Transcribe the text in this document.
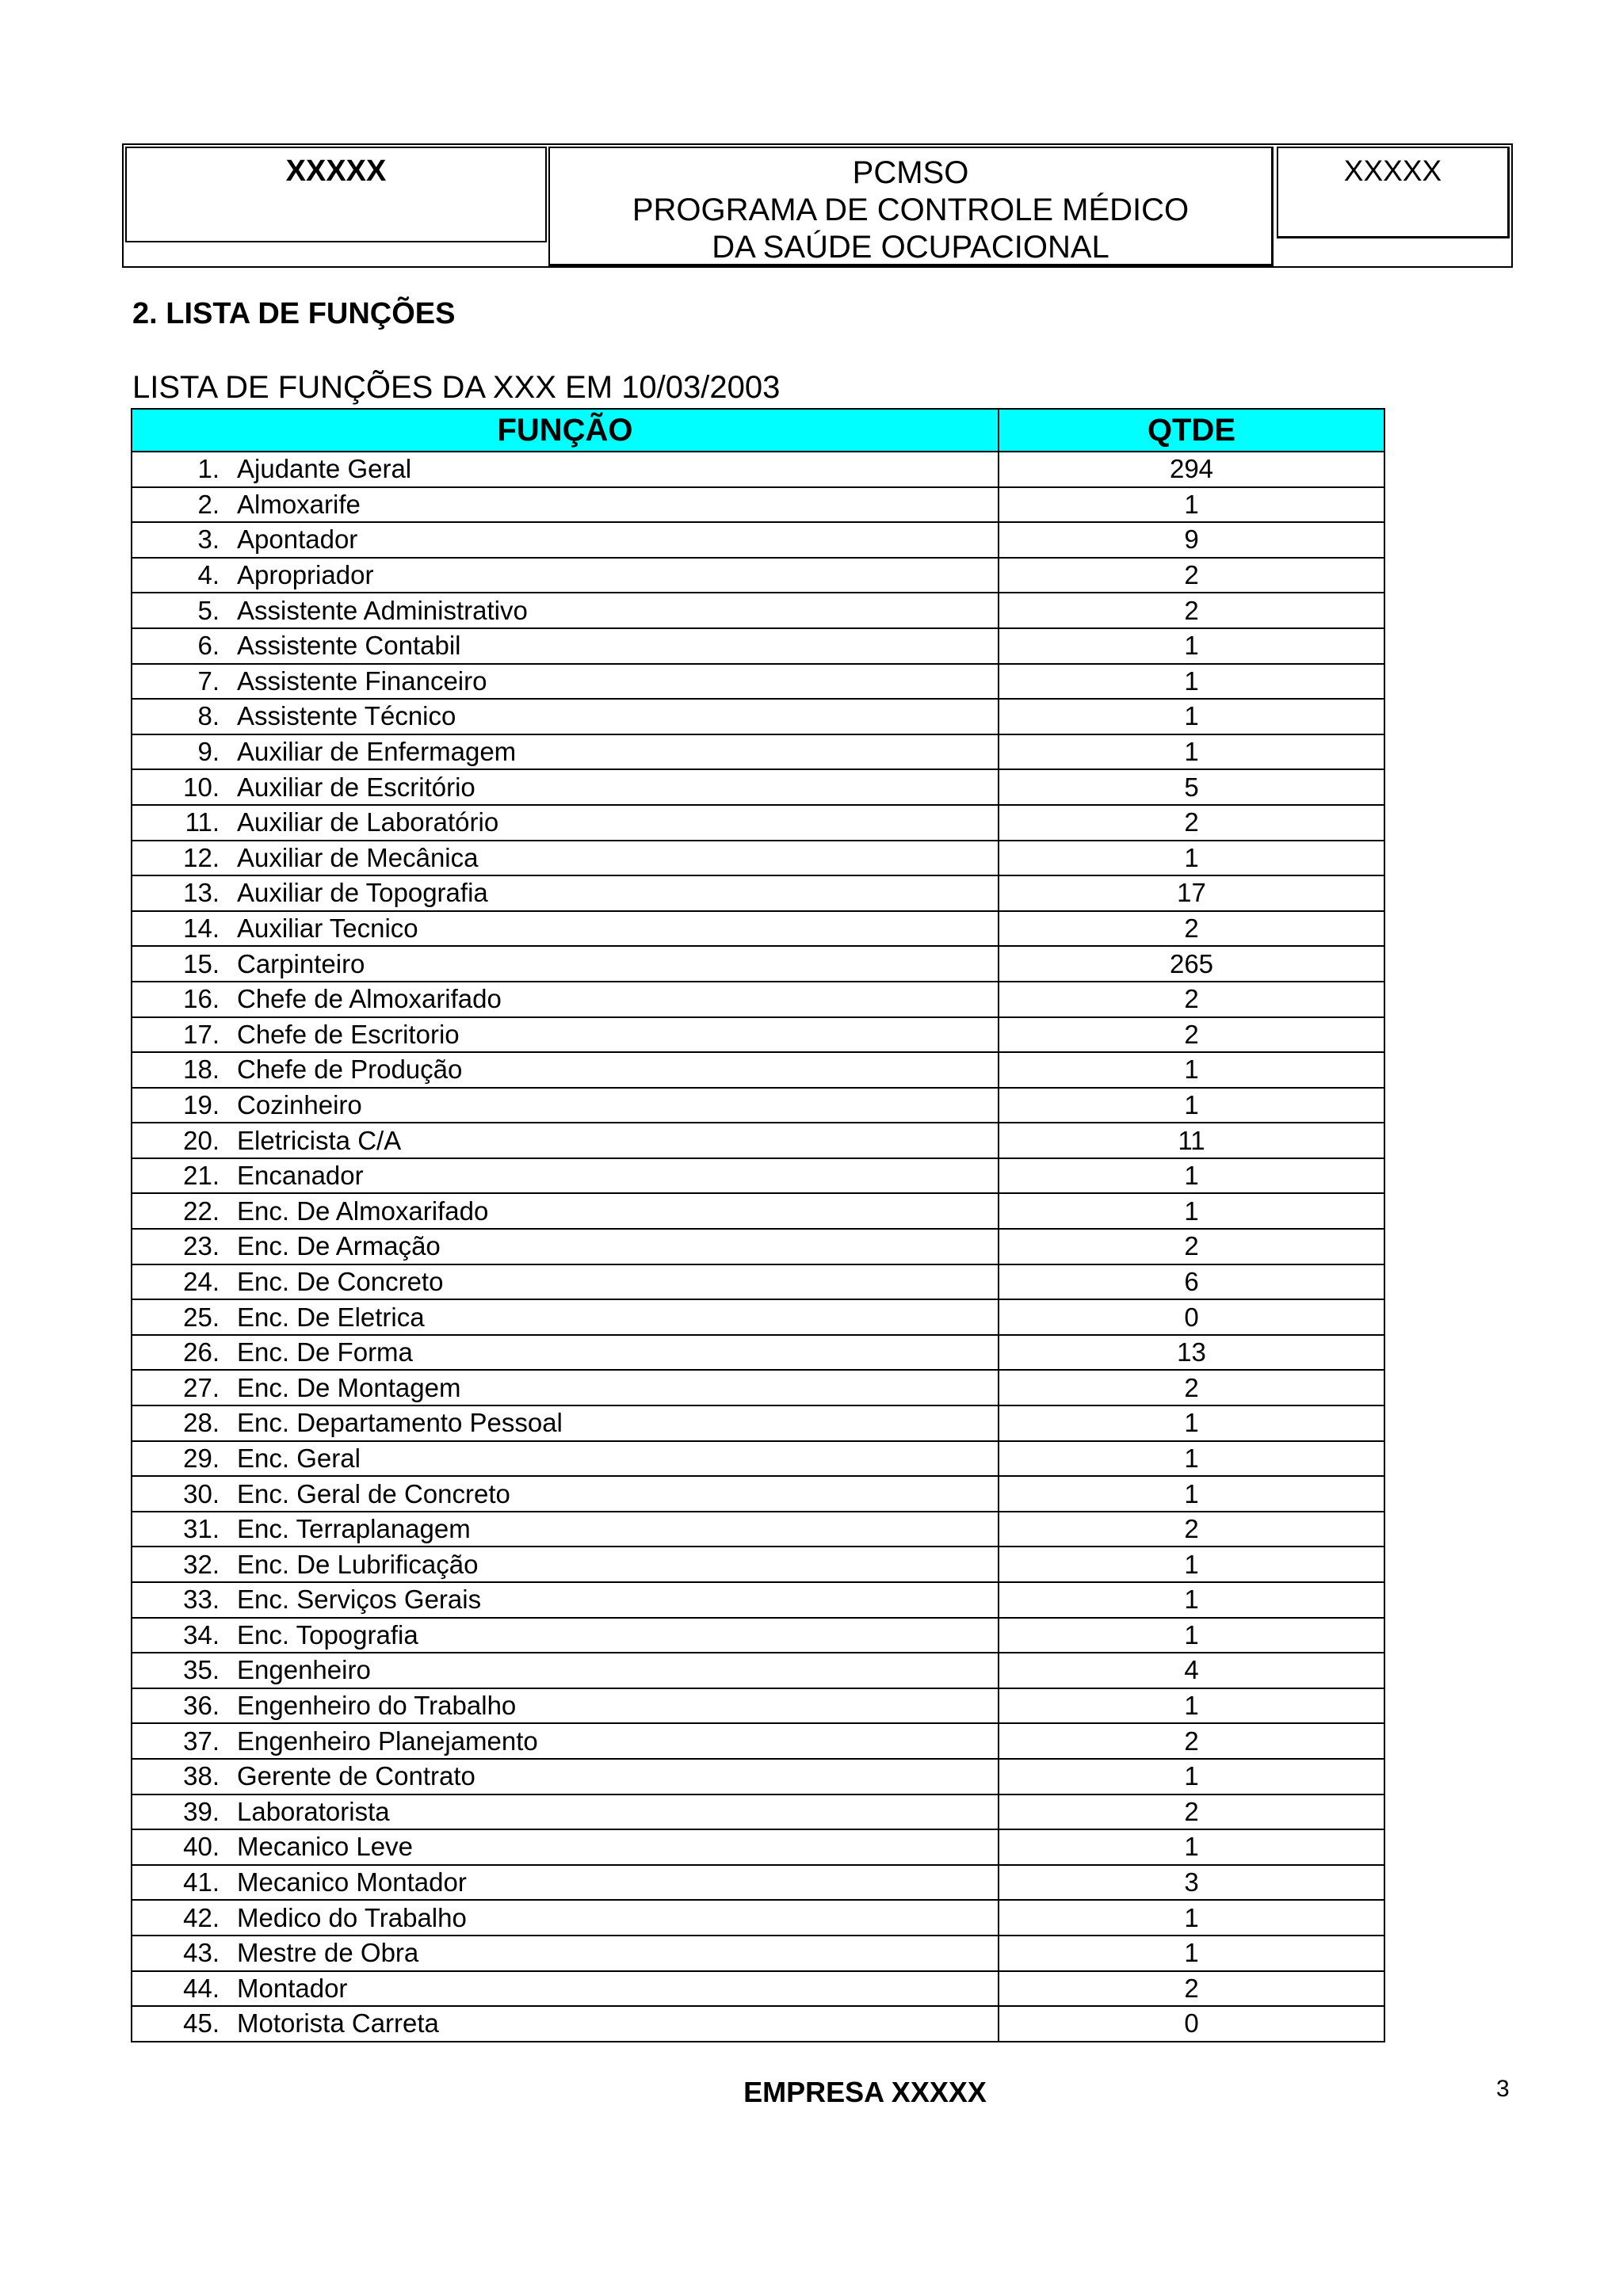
XXXXX	PCMSO
PROGRAMA DE CONTROLE MÉDICO
DA SAÚDE OCUPACIONAL
XXXXX
2. LISTA DE FUNÇÕES
LISTA DE FUNÇÕES DA XXX EM 10/03/2003
FUNÇÃO	QTDE
1. Ajudante Geral	294
2. Almoxarife	1
3. Apontador	9
4. Apropriador	2
5. Assistente Administrativo	2
6. Assistente Contabil	1
7. Assistente Financeiro	1
8. Assistente Técnico	1
9. Auxiliar de Enfermagem	1
10. Auxiliar de Escritório	5
11. Auxiliar de Laboratório	2
12. Auxiliar de Mecânica	1
13. Auxiliar de Topografia	17
14. Auxiliar Tecnico	2
15. Carpinteiro	265
16. Chefe de Almoxarifado	2
17. Chefe de Escritorio	2
18. Chefe de Produção	1
19. Cozinheiro	1
20. Eletricista C/A	11
21. Encanador	1
22. Enc. De Almoxarifado	1
23. Enc. De Armação	2
24. Enc. De Concreto	6
25. Enc. De Eletrica	0
26. Enc. De Forma	13
27. Enc. De Montagem	2
28. Enc. Departamento Pessoal	1
29. Enc. Geral	1
30. Enc. Geral de Concreto	1
31. Enc. Terraplanagem	2
32. Enc. De Lubrificação	1
33. Enc. Serviços Gerais	1
34. Enc. Topografia	1
35. Engenheiro	4
36. Engenheiro do Trabalho	1
37. Engenheiro Planejamento	2
38. Gerente de Contrato	1
39. Laboratorista	2
40. Mecanico Leve	1
41. Mecanico Montador	3
42. Medico do Trabalho	1
43. Mestre de Obra	1
44. Montador	2
45. Motorista Carreta	0
EMPRESA XXXXX	3
